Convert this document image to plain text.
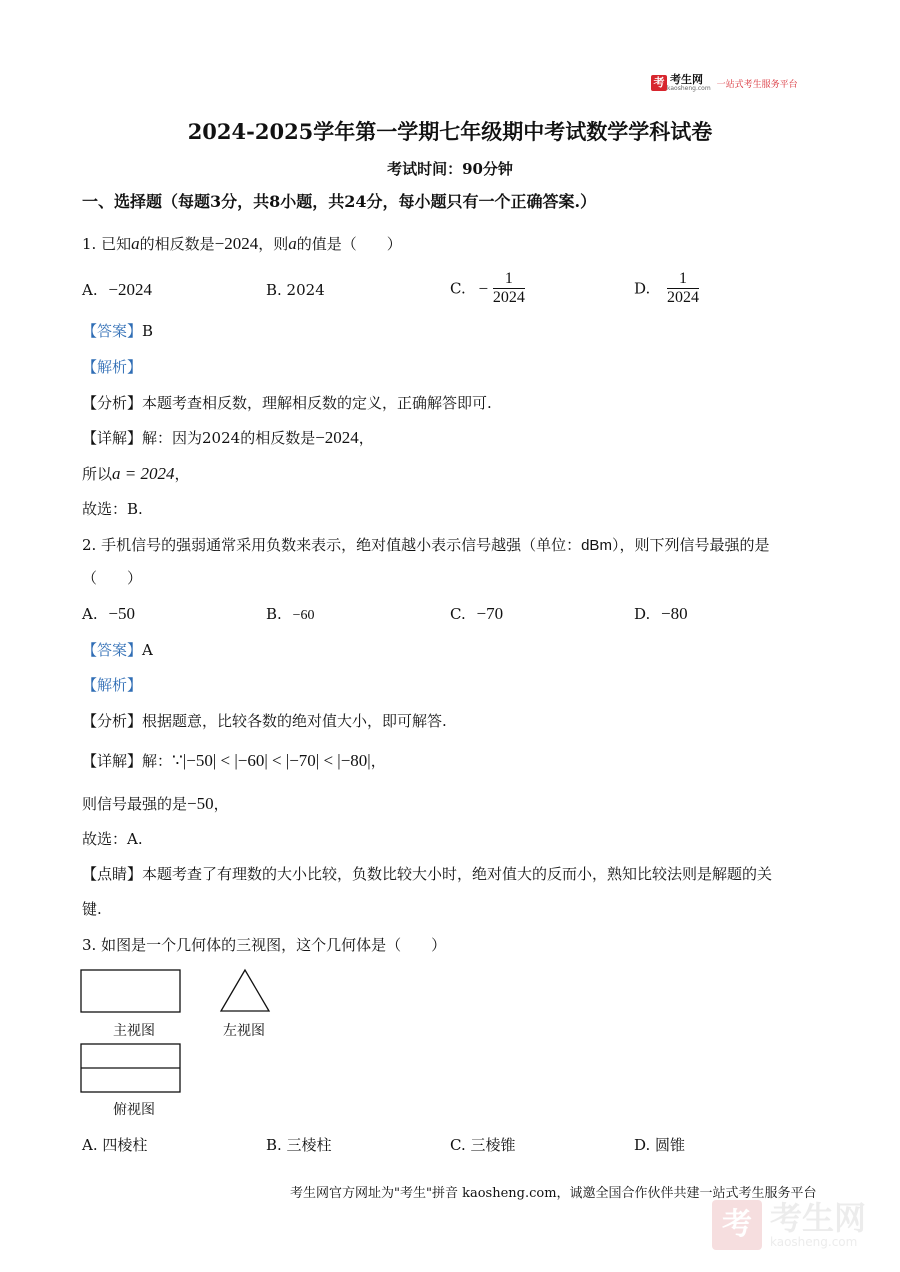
考 考生网
kaosheng.com 一站式考生服务平台
2024-2025学年第一学期七年级期中考试数学学科试卷
考试时间：90分钟
一、选择题（每题3分，共8小题，共24分，每小题只有一个正确答案.）
1. 已知a的相反数是−2024，则a的值是（　　）
A. −2024	B. 2024	C. − $\frac{1}{2024}$	D. $\frac{1}{2024}$
【答案】B
【解析】
【分析】本题考查相反数，理解相反数的定义，正确解答即可.
【详解】解：因为2024的相反数是−2024，
所以a = 2024，
故选：B.
2. 手机信号的强弱通常采用负数来表示，绝对值越小表示信号越强（单位：dBm），则下列信号最强的是
（　　）
A. −50	B. −60	C. −70	D. −80
【答案】A
【解析】
【分析】根据题意，比较各数的绝对值大小，即可解答.
【详解】解：∵|−50| < |−60| < |−70| < |−80|，
则信号最强的是−50，
故选：A.
【点睛】本题考查了有理数的大小比较，负数比较大小时，绝对值大的反而小，熟知比较法则是解题的关
键.
3. 如图是一个几何体的三视图，这个几何体是（　　）
主视图	左视图
俯视图
A. 四棱柱	B. 三棱柱	C. 三棱锥	D. 圆锥
考生网官方网址为"考生"拼音 kaosheng.com，诚邀全国合作伙伴共建一站式考生服务平台
考 考生网
kaosheng.com
